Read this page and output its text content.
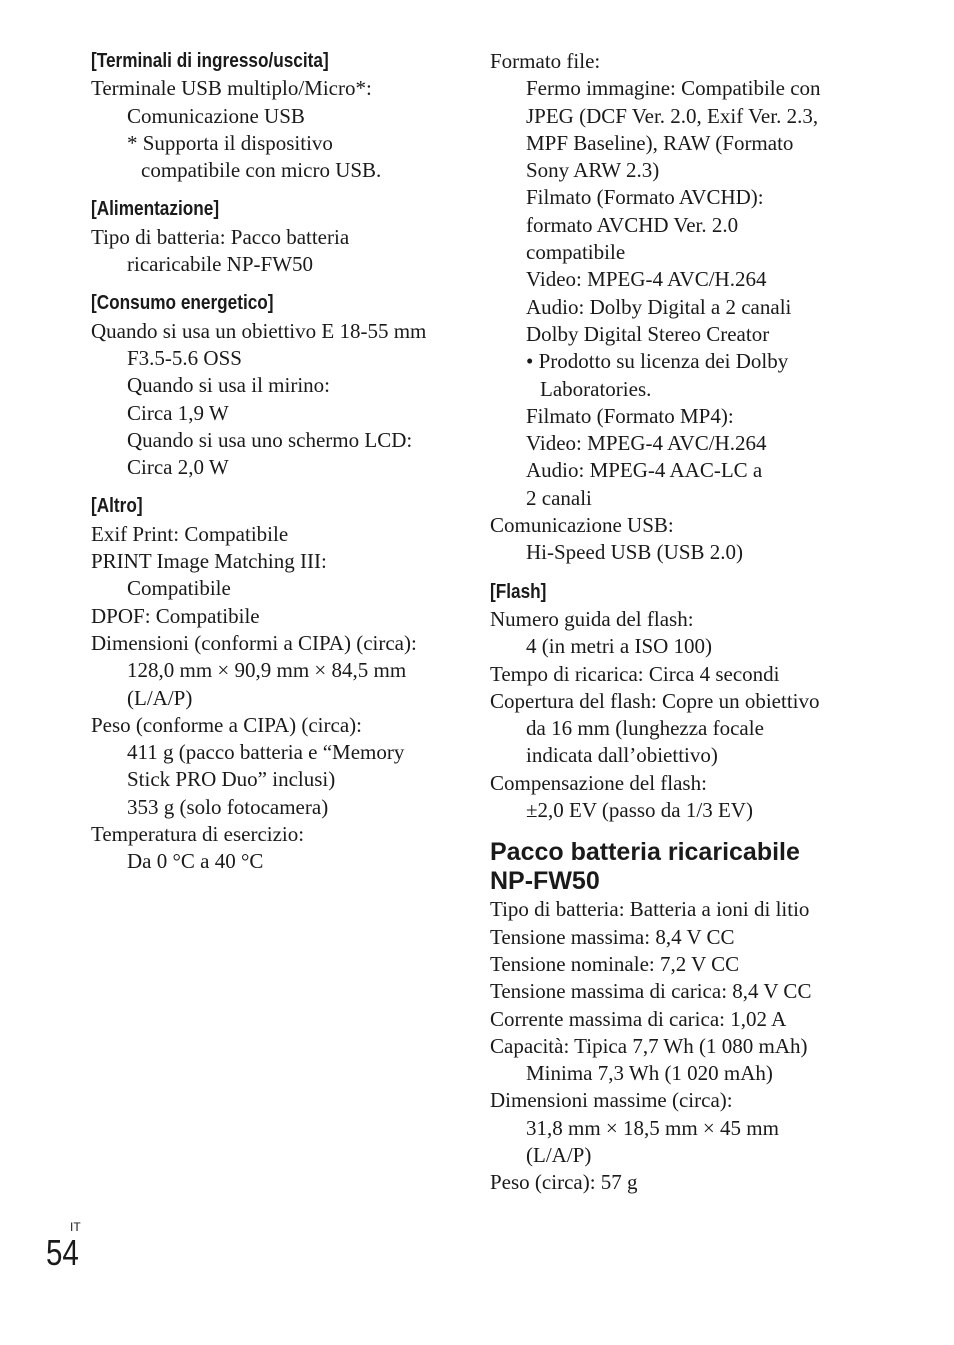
[Terminali di ingresso/uscita]
Terminale USB multiplo/Micro*:
Comunicazione USB
* Supporta il dispositivo
compatibile con micro USB.
[Alimentazione]
Tipo di batteria: Pacco batteria
ricaricabile NP-FW50
[Consumo energetico]
Quando si usa un obiettivo E 18-55 mm
F3.5-5.6 OSS
Quando si usa il mirino:
Circa 1,9 W
Quando si usa uno schermo LCD:
Circa 2,0 W
[Altro]
Exif Print: Compatibile
PRINT Image Matching III:
Compatibile
DPOF: Compatibile
Dimensioni (conformi a CIPA) (circa):
128,0 mm × 90,9 mm × 84,5 mm
(L/A/P)
Peso (conforme a CIPA) (circa):
411 g (pacco batteria e “Memory
Stick PRO Duo” inclusi)
353 g (solo fotocamera)
Temperatura di esercizio:
Da 0 °C a 40 °C
Formato file:
Fermo immagine: Compatibile con
JPEG (DCF Ver. 2.0, Exif Ver. 2.3,
MPF Baseline), RAW (Formato
Sony ARW 2.3)
Filmato (Formato AVCHD):
formato AVCHD Ver. 2.0
compatibile
Video: MPEG-4 AVC/H.264
Audio: Dolby Digital a 2 canali
Dolby Digital Stereo Creator
• Prodotto su licenza dei Dolby
Laboratories.
Filmato (Formato MP4):
Video: MPEG-4 AVC/H.264
Audio: MPEG-4 AAC-LC a
2 canali
Comunicazione USB:
Hi-Speed USB (USB 2.0)
[Flash]
Numero guida del flash:
4 (in metri a ISO 100)
Tempo di ricarica: Circa 4 secondi
Copertura del flash: Copre un obiettivo
da 16 mm (lunghezza focale
indicata dall’obiettivo)
Compensazione del flash:
±2,0 EV (passo da 1/3 EV)
Pacco batteria ricaricabile
NP-FW50
Tipo di batteria: Batteria a ioni di litio
Tensione massima: 8,4 V CC
Tensione nominale: 7,2 V CC
Tensione massima di carica: 8,4 V CC
Corrente massima di carica: 1,02 A
Capacità: Tipica 7,7 Wh (1 080 mAh)
Minima 7,3 Wh (1 020 mAh)
Dimensioni massime (circa):
31,8 mm × 18,5 mm × 45 mm
(L/A/P)
Peso (circa): 57 g
IT
54
